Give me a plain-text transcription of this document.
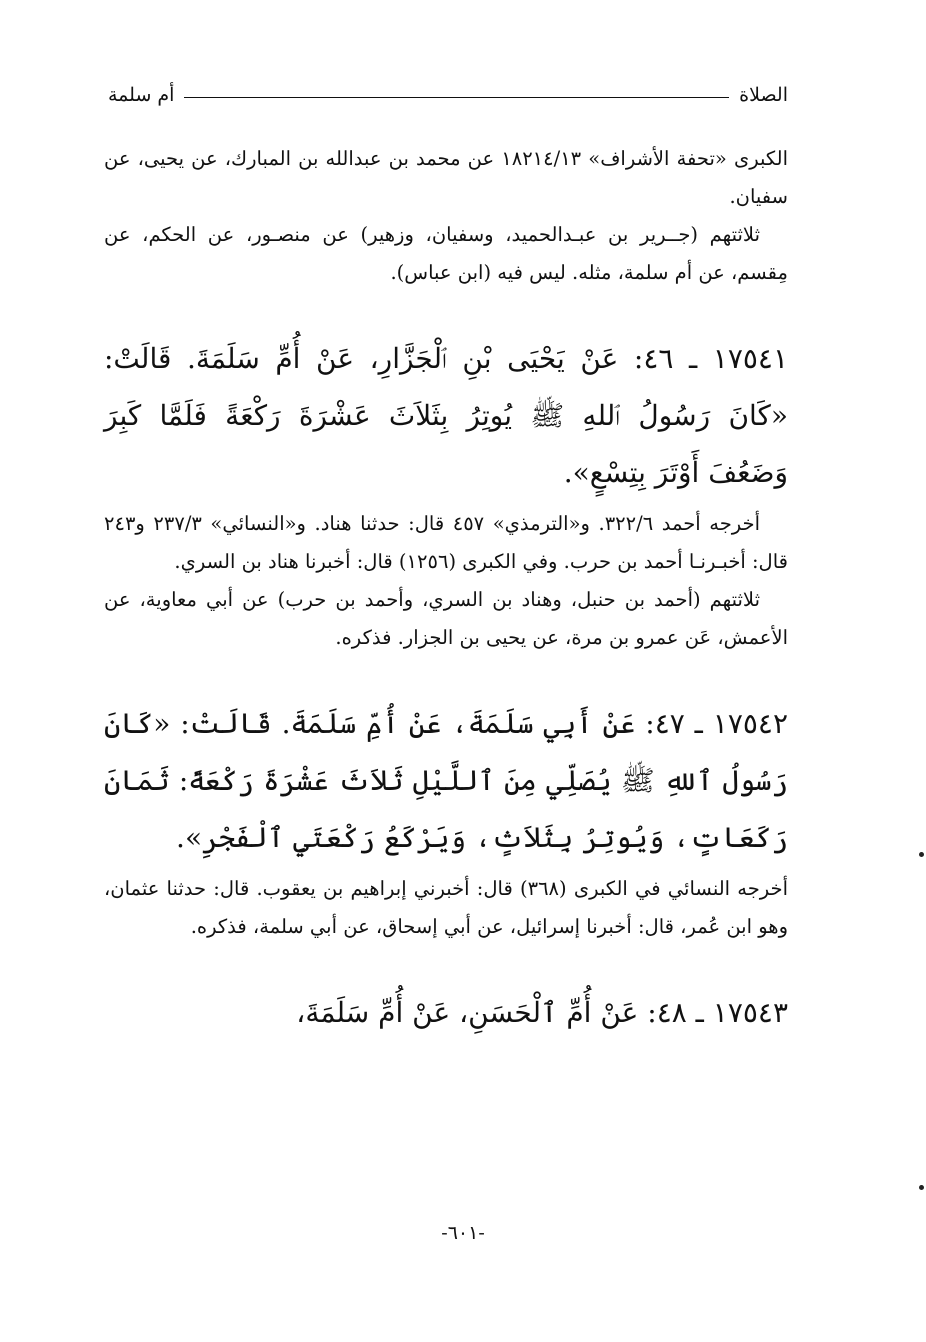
الصلاة
أم سلمة

الكبرى «تحفة الأشراف» ١٨٢١٤/١٣ عن محمد بن عبدالله بن المبارك، عن يحيى، عن سفيان.

ثلاثتهم (جــرير بن عبـدالحميد، وسفيان، وزهير) عن منصـور، عن الحكم، عن مِقسم، عن أم سلمة، مثله. ليس فيه (ابن عباس).

١٧٥٤١ ـ ٤٦: عَنْ يَحْيَى بْنِ ٱلْجَزَّارِ، عَنْ أُمِّ سَلَمَةَ. قَالَتْ: «كَانَ رَسُولُ ٱللهِ ﷺ يُوتِرُ بِثَلاَثَ عَشْرَةَ رَكْعَةً فَلَمَّا كَبِرَ وَضَعُفَ أَوْتَرَ بِتِسْعٍ».

أخرجه أحمد ٣٢٢/٦. و«الترمذي» ٤٥٧ قال: حدثنا هناد. و«النسائي» ٢٣٧/٣ و٢٤٣ قال: أخبـرنـا أحمد بن حرب. وفي الكبرى (١٢٥٦) قال: أخبرنا هناد بن السري.

ثلاثتهم (أحمد بن حنبل، وهناد بن السري، وأحمد بن حرب) عن أبي معاوية، عن الأعمش، عَن عمرو بن مرة، عن يحيى بن الجزار. فذكره.

١٧٥٤٢ ـ ٤٧: عَنْ أَبِي سَلَمَةَ، عَنْ أُمِّ سَلَمَةَ. قَالَتْ: «كَانَ رَسُولُ ٱللهِ ﷺ يُصَلِّي مِنَ ٱللَّيْلِ ثَلاَثَ عَشْرَةَ رَكْعَةً: ثَمَانَ رَكَعَاتٍ، وَيُوتِرُ بِثَلاَثٍ، وَيَرْكَعُ رَكْعَتَيِ ٱلْفَجْرِ».

أخرجه النسائي في الكبرى (٣٦٨) قال: أخبرني إبراهيم بن يعقوب. قال: حدثنا عثمان، وهو ابن عُمر، قال: أخبرنا إسرائيل، عن أبي إسحاق، عن أبي سلمة، فذكره.

١٧٥٤٣ ـ ٤٨: عَنْ أُمِّ ٱلْحَسَنِ، عَنْ أُمِّ سَلَمَةَ،

-٦٠١-
